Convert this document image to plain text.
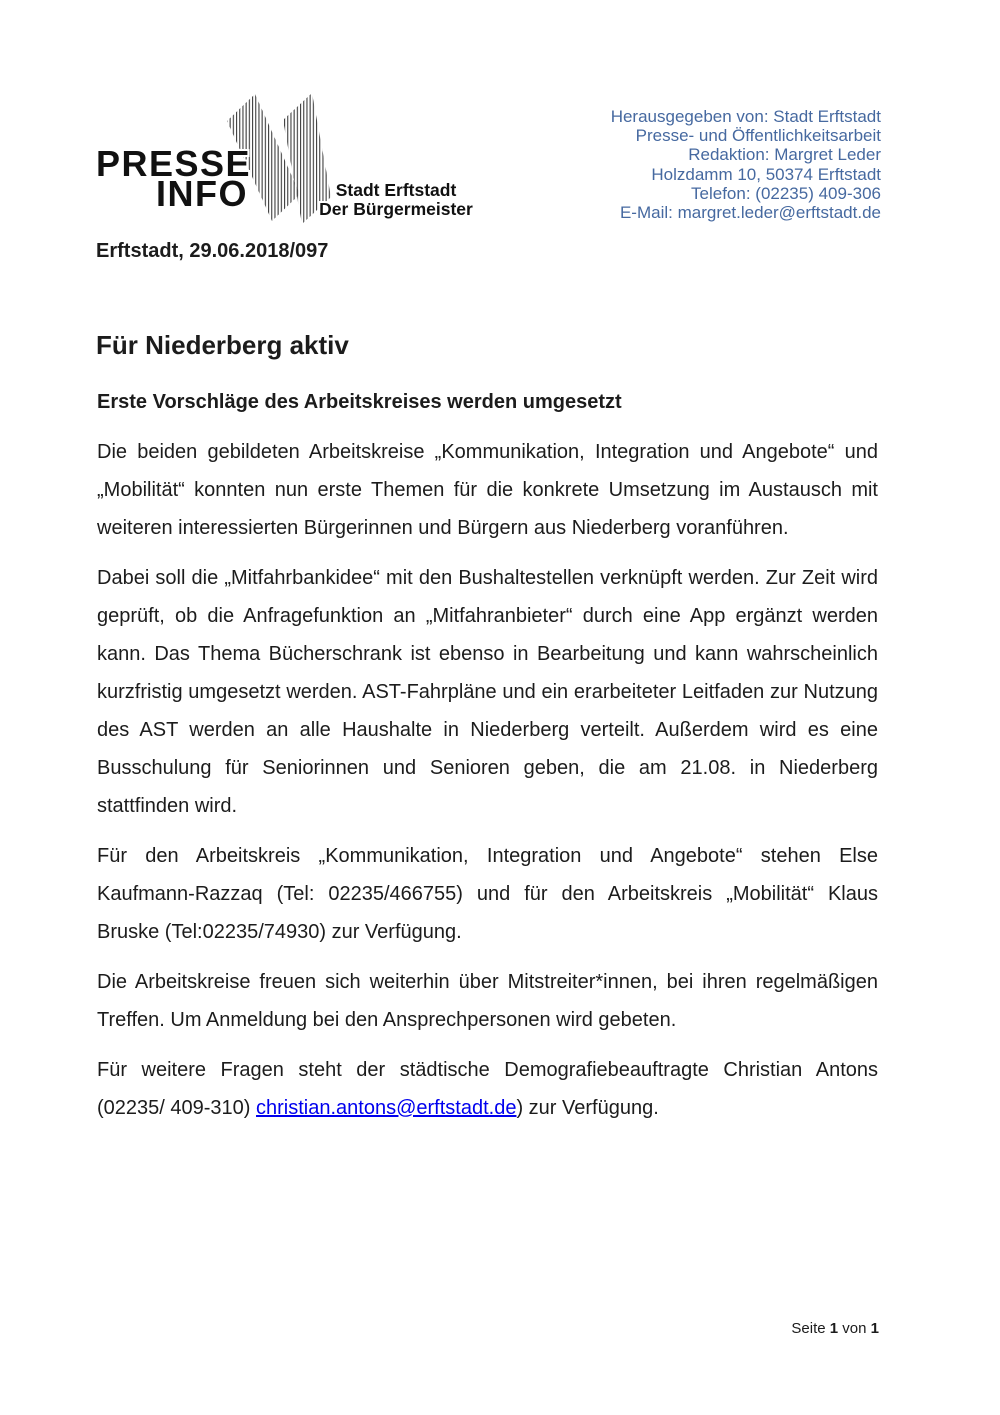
PRESSE
INFO	Stadt Erftstadt
Der Bürgermeister
Herausgegeben von: Stadt Erftstadt
Presse- und Öffentlichkeitsarbeit
Redaktion: Margret Leder
Holzdamm 10, 50374 Erftstadt
Telefon: (02235) 409-306
E-Mail: margret.leder@erftstadt.de
Erftstadt, 29.06.2018/097
Für Niederberg aktiv
Erste Vorschläge des Arbeitskreises werden umgesetzt

Die beiden gebildeten Arbeitskreise „Kommunikation, Integration und Angebote“ und „Mobilität“ konnten nun erste Themen für die konkrete Umsetzung im Austausch mit weiteren interessierten Bürgerinnen und Bürgern aus Niederberg voranführen.

Dabei soll die „Mitfahrbankidee“ mit den Bushaltestellen verknüpft werden. Zur Zeit wird geprüft, ob die Anfragefunktion an „Mitfahranbieter“ durch eine App ergänzt werden kann. Das Thema Bücherschrank ist ebenso in Bearbeitung und kann wahrscheinlich kurzfristig umgesetzt werden. AST-Fahrpläne und ein erarbeiteter Leitfaden zur Nutzung des AST werden an alle Haushalte in Niederberg verteilt. Außerdem wird es eine Busschulung für Seniorinnen und Senioren geben, die am 21.08. in Niederberg stattfinden wird.

Für den Arbeitskreis „Kommunikation, Integration und Angebote“ stehen Else Kaufmann-Razzaq (Tel: 02235/466755) und für den Arbeitskreis „Mobilität“ Klaus Bruske (Tel:02235/74930) zur Verfügung.

Die Arbeitskreise freuen sich weiterhin über Mitstreiter*innen, bei ihren regelmäßigen Treffen. Um Anmeldung bei den Ansprechpersonen wird gebeten.

Für weitere Fragen steht der städtische Demografiebeauftragte Christian Antons (02235/ 409-310) christian.antons@erftstadt.de) zur Verfügung.

Seite 1 von 1
